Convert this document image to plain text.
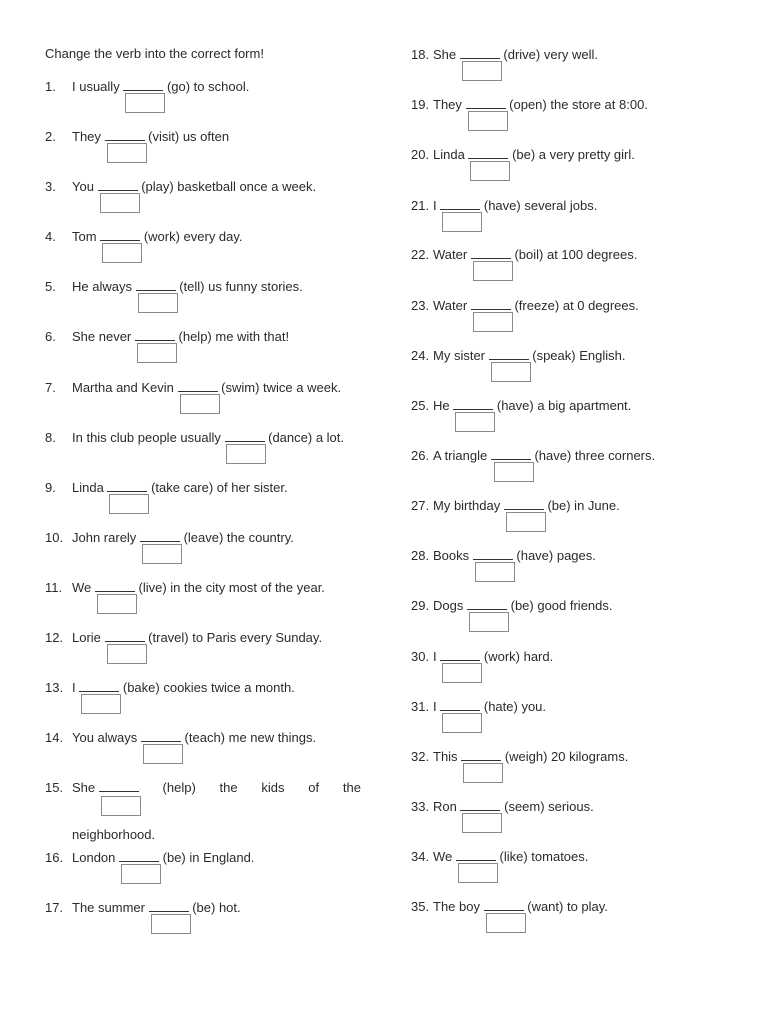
Change the verb into the correct form!
1. I usually	(go) to school.
2. They	(visit) us often
3. You	(play) basketball once a week.
4. Tom	(work) every day.
5. He always	(tell) us funny stories.
6. She never	(help) me with that!
7. Martha and Kevin	(swim) twice a week.
8. In this club people usually	(dance) a lot.
9. Linda	(take care) of her sister.
10. John rarely	(leave) the country.
11. We	(live) in the city most of the year.
12. Lorie	(travel) to Paris every Sunday.
13. I	(bake) cookies twice a month.
14. You always	(teach) me new things.
15. She	(help) the kids of the
neighborhood.
16. London	(be) in England.
17. The summer	(be) hot.
18. She	(drive) very well.
19. They	(open) the store at 8:00.
20. Linda	(be) a very pretty girl.
21. I	(have) several jobs.
22. Water	(boil) at 100 degrees.
23. Water	(freeze) at 0 degrees.
24. My sister	(speak) English.
25. He	(have) a big apartment.
26. A triangle	(have) three corners.
27. My birthday	(be) in June.
28. Books	(have) pages.
29. Dogs	(be) good friends.
30. I	(work) hard.
31. I	(hate) you.
32. This	(weigh) 20 kilograms.
33. Ron	(seem) serious.
34. We	(like) tomatoes.
35. The boy	(want) to play.
